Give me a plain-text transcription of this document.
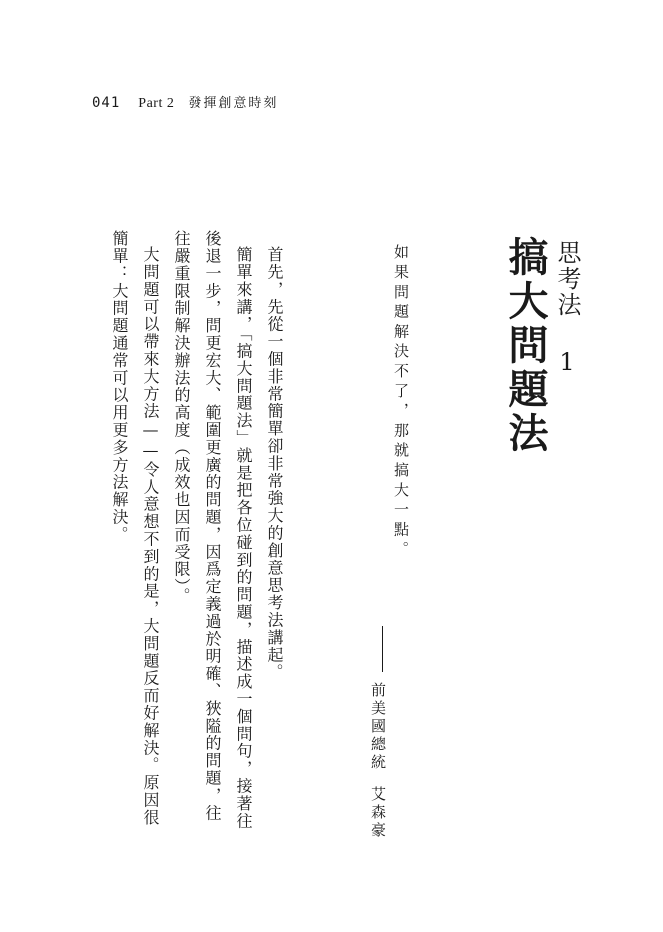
041 Part 2 發揮創意時刻
思考法 1
搞大問題法
如果問題解決不了，那就搞大一點。
前美國總統艾森豪

首先，先從一個非常簡單卻非常強大的創意思考法講起。

簡單來講，「搞大問題法」就是把各位碰到的問題，描述成一個問句，接著往後退一步，問更宏大、範圍更廣的問題，因爲定義過於明確、狹隘的問題，往往嚴重限制解決辦法的高度（成效也因而受限）。

大問題可以帶來大方法——令人意想不到的是，大問題反而好解決。原因很簡單：大問題通常可以用更多方法解決。
